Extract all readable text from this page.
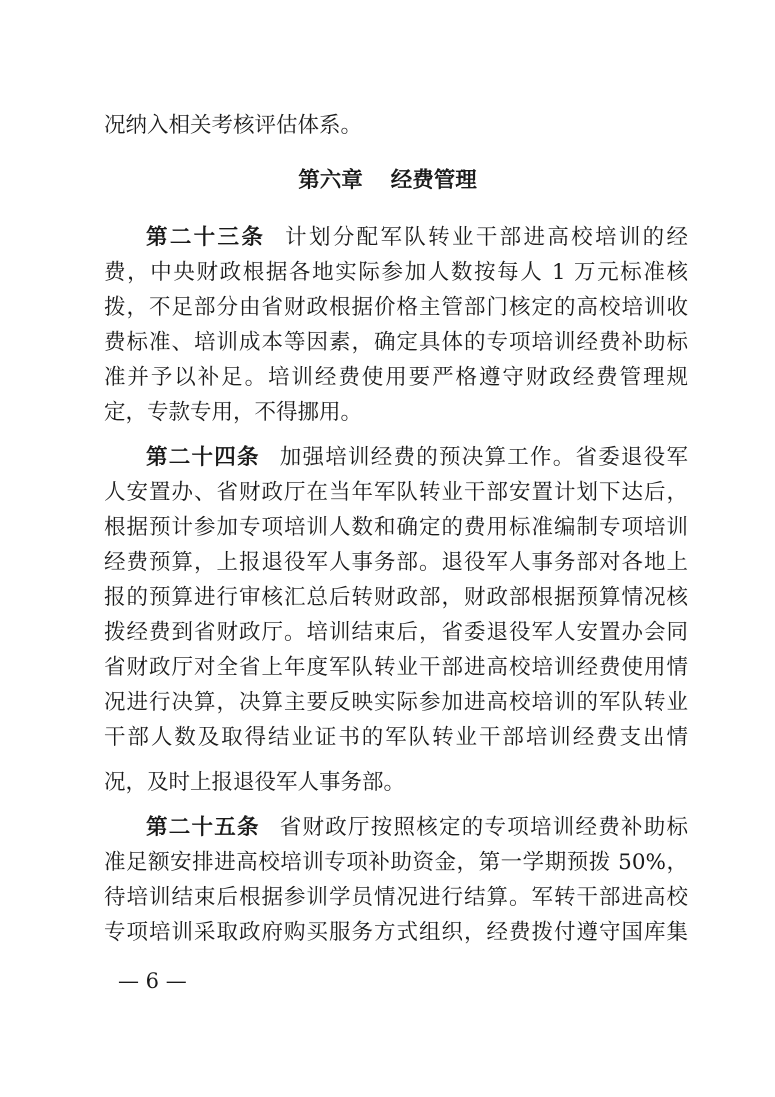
况纳入相关考核评估体系。
第六章 经费管理
第二十三条 计划分配军队转业干部进高校培训的经
费，中央财政根据各地实际参加人数按每人 1 万元标准核
拨，不足部分由省财政根据价格主管部门核定的高校培训收
费标准、培训成本等因素，确定具体的专项培训经费补助标
准并予以补足。培训经费使用要严格遵守财政经费管理规
定，专款专用，不得挪用。
第二十四条 加强培训经费的预决算工作。省委退役军
人安置办、省财政厅在当年军队转业干部安置计划下达后，
根据预计参加专项培训人数和确定的费用标准编制专项培训
经费预算，上报退役军人事务部。退役军人事务部对各地上
报的预算进行审核汇总后转财政部，财政部根据预算情况核
拨经费到省财政厅。培训结束后，省委退役军人安置办会同
省财政厅对全省上年度军队转业干部进高校培训经费使用情
况进行决算，决算主要反映实际参加进高校培训的军队转业
干部人数及取得结业证书的军队转业干部培训经费支出情
况，及时上报退役军人事务部。
第二十五条 省财政厅按照核定的专项培训经费补助标
准足额安排进高校培训专项补助资金，第一学期预拨 50%，
待培训结束后根据参训学员情况进行结算。军转干部进高校
专项培训采取政府购买服务方式组织，经费拨付遵守国库集
— 6 —
